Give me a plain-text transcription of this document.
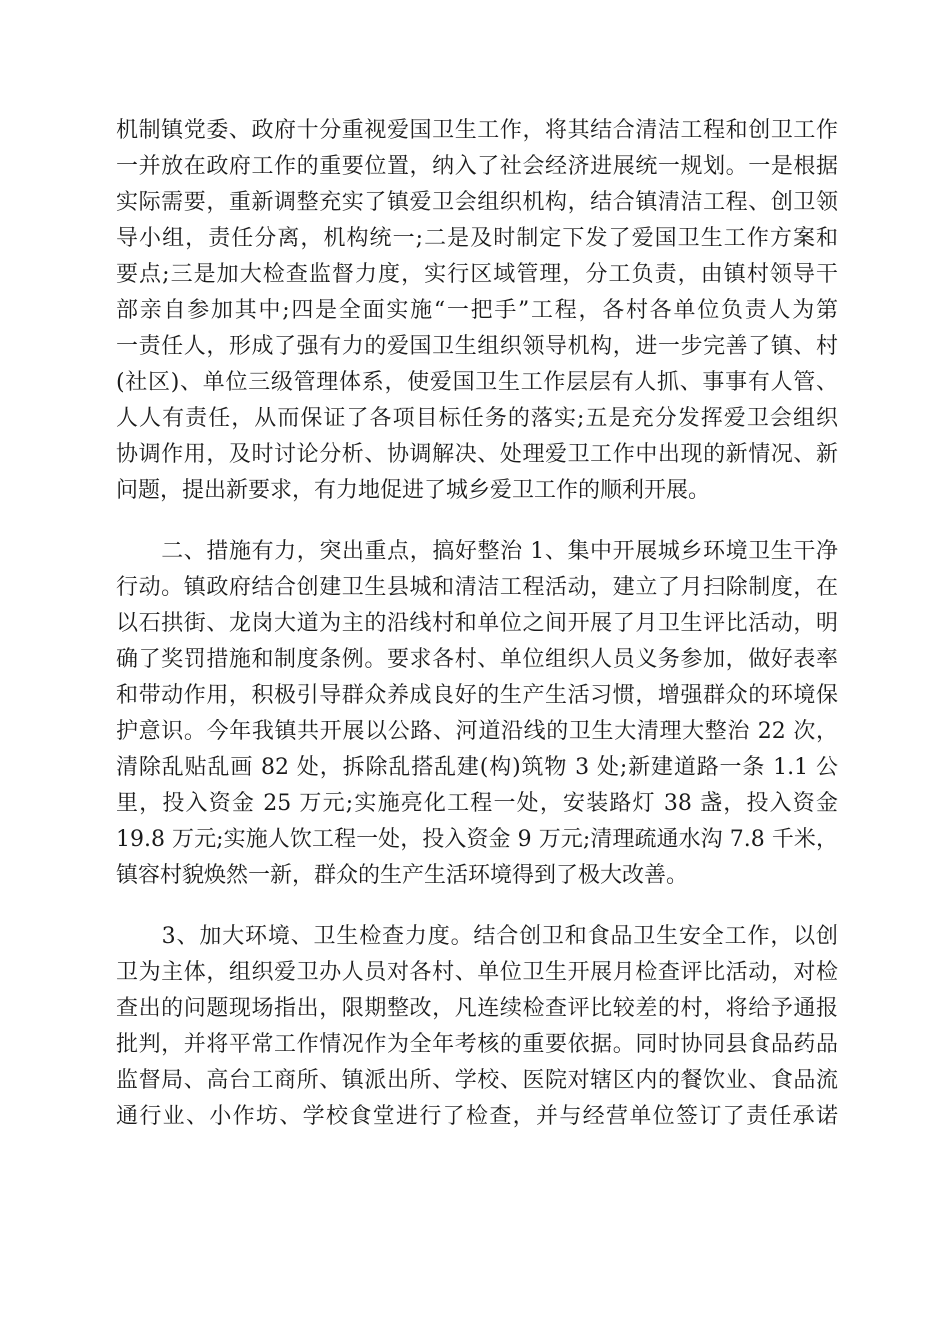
机制镇党委、政府十分重视爱国卫生工作，将其结合清洁工程和创卫工作
一并放在政府工作的重要位置，纳入了社会经济进展统一规划。一是根据
实际需要，重新调整充实了镇爱卫会组织机构，结合镇清洁工程、创卫领
导小组，责任分离，机构统一;二是及时制定下发了爱国卫生工作方案和
要点;三是加大检查监督力度，实行区域管理，分工负责，由镇村领导干
部亲自参加其中;四是全面实施“一把手”工程，各村各单位负责人为第
一责任人，形成了强有力的爱国卫生组织领导机构，进一步完善了镇、村
(社区)、单位三级管理体系，使爱国卫生工作层层有人抓、事事有人管、
人人有责任，从而保证了各项目标任务的落实;五是充分发挥爱卫会组织
协调作用，及时讨论分析、协调解决、处理爱卫工作中出现的新情况、新
问题，提出新要求，有力地促进了城乡爱卫工作的顺利开展。
　　二、措施有力，突出重点，搞好整治 1、集中开展城乡环境卫生干净
行动。镇政府结合创建卫生县城和清洁工程活动，建立了月扫除制度，在
以石拱街、龙岗大道为主的沿线村和单位之间开展了月卫生评比活动，明
确了奖罚措施和制度条例。要求各村、单位组织人员义务参加，做好表率
和带动作用，积极引导群众养成良好的生产生活习惯，增强群众的环境保
护意识。今年我镇共开展以公路、河道沿线的卫生大清理大整治 22 次，
清除乱贴乱画 82 处，拆除乱搭乱建(构)筑物 3 处;新建道路一条 1.1 公
里，投入资金 25 万元;实施亮化工程一处，安装路灯 38 盏，投入资金
19.8 万元;实施人饮工程一处，投入资金 9 万元;清理疏通水沟 7.8 千米，
镇容村貌焕然一新，群众的生产生活环境得到了极大改善。
　　3、加大环境、卫生检查力度。结合创卫和食品卫生安全工作，以创
卫为主体，组织爱卫办人员对各村、单位卫生开展月检查评比活动，对检
查出的问题现场指出，限期整改，凡连续检查评比较差的村，将给予通报
批判，并将平常工作情况作为全年考核的重要依据。同时协同县食品药品
监督局、高台工商所、镇派出所、学校、医院对辖区内的餐饮业、食品流
通行业、小作坊、学校食堂进行了检查，并与经营单位签订了责任承诺
